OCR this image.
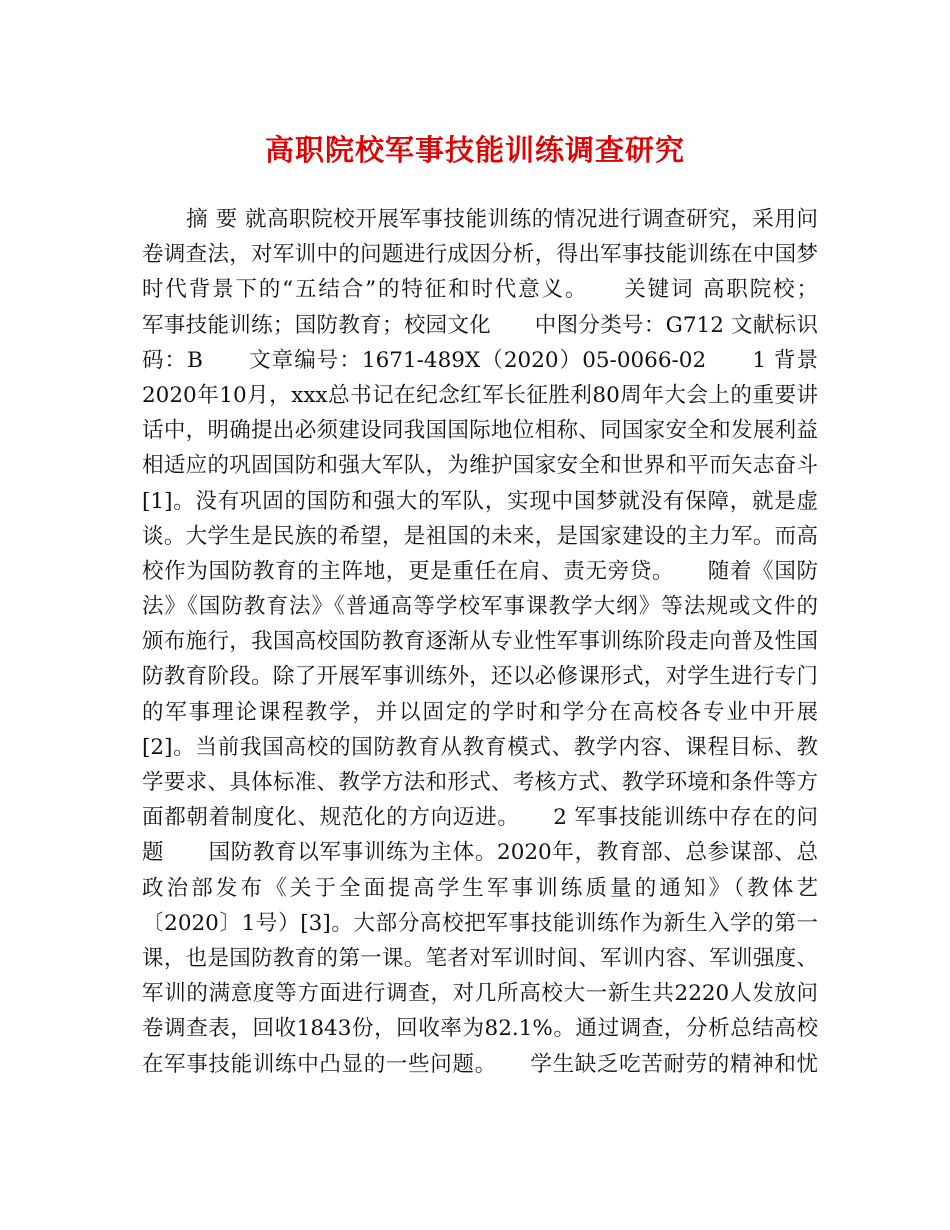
高职院校军事技能训练调查研究
　　摘 要 就高职院校开展军事技能训练的情况进行调查研究，采用问
卷调查法，对军训中的问题进行成因分析，得出军事技能训练在中国梦
时代背景下的“五结合”的特征和时代意义。　　关键词 高职院校；
军事技能训练；国防教育；校园文化　　中图分类号：G712 文献标识
码：B　　文章编号：1671-489X（2020）05-0066-02　　1 背景
2020年10月，xxx总书记在纪念红军长征胜利80周年大会上的重要讲
话中，明确提出必须建设同我国国际地位相称、同国家安全和发展利益
相适应的巩固国防和强大军队，为维护国家安全和世界和平而矢志奋斗
[1]。没有巩固的国防和强大的军队，实现中国梦就没有保障，就是虚
谈。大学生是民族的希望，是祖国的未来，是国家建设的主力军。而高
校作为国防教育的主阵地，更是重任在肩、责无旁贷。　　随着《国防
法》《国防教育法》《普通高等学校军事课教学大纲》等法规或文件的
颁布施行，我国高校国防教育逐渐从专业性军事训练阶段走向普及性国
防教育阶段。除了开展军事训练外，还以必修课形式，对学生进行专门
的军事理论课程教学，并以固定的学时和学分在高校各专业中开展
[2]。当前我国高校的国防教育从教育模式、教学内容、课程目标、教
学要求、具体标准、教学方法和形式、考核方式、教学环境和条件等方
面都朝着制度化、规范化的方向迈进。　　2 军事技能训练中存在的问
题　　国防教育以军事训练为主体。2020年，教育部、总参谋部、总
政治部发布《关于全面提高学生军事训练质量的通知》（教体艺
〔2020〕1号）[3]。大部分高校把军事技能训练作为新生入学的第一
课，也是国防教育的第一课。笔者对军训时间、军训内容、军训强度、
军训的满意度等方面进行调查，对几所高校大一新生共2220人发放问
卷调查表，回收1843份，回收率为82.1%。通过调查，分析总结高校
在军事技能训练中凸显的一些问题。　　学生缺乏吃苦耐劳的精神和忧
